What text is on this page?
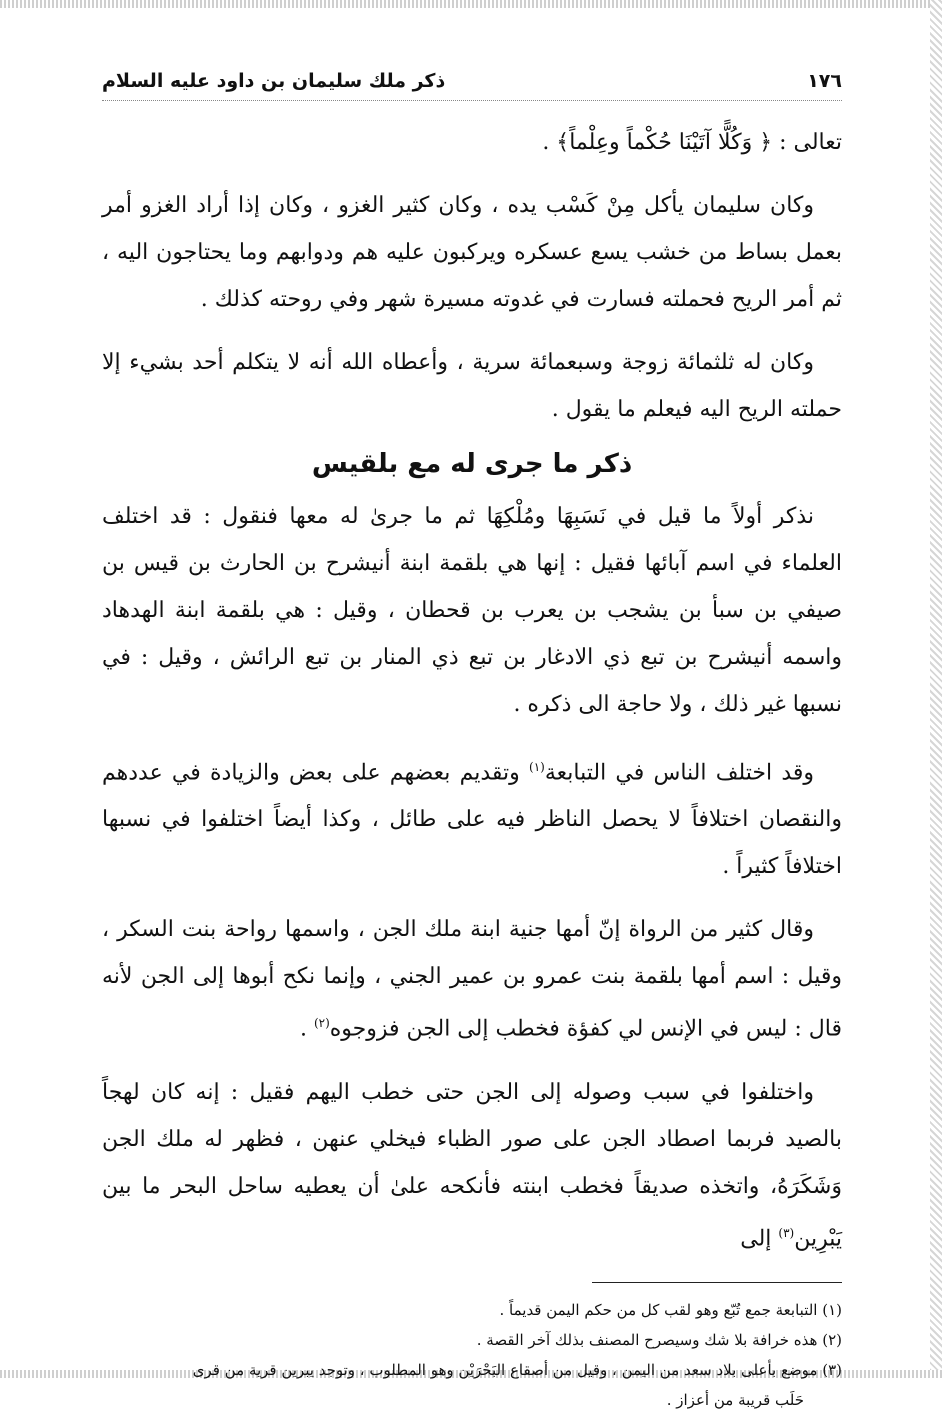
١٧٦
ذكر ملك سليمان بن داود عليه السلام

تعالى : ﴿ وَكُلًّا آتَيْنَا حُكْماً وعِلْماً﴾ .

وكان سليمان يأكل مِنْ كَسْب يده ، وكان كثير الغزو ، وكان إذا أراد الغزو أمر بعمل بساط من خشب يسع عسكره ويركبون عليه هم ودوابهم وما يحتاجون اليه ، ثم أمر الريح فحملته فسارت في غدوته مسيرة شهر وفي روحته كذلك .

وكان له ثلثمائة زوجة وسبعمائة سرية ، وأعطاه الله أنه لا يتكلم أحد بشيء إلا حملته الريح اليه فيعلم ما يقول .

ذكر ما جرى له مع بلقيس

نذكر أولاً ما قيل في نَسَبِهَا ومُلْكِهَا ثم ما جرىٰ له معها فنقول : قد اختلف العلماء في اسم آبائها فقيل : إنها هي بلقمة ابنة أنيشرح بن الحارث بن قيس بن صيفي بن سبأ بن يشجب بن يعرب بن قحطان ، وقيل : هي بلقمة ابنة الهدهاد واسمه أنيشرح بن تبع ذي الادغار بن تبع ذي المنار بن تبع الرائش ، وقيل : في نسبها غير ذلك ، ولا حاجة الى ذكره .

وقد اختلف الناس في التبابعة$^{(١)}$ وتقديم بعضهم على بعض والزيادة في عددهم والنقصان اختلافاً لا يحصل الناظر فيه على طائل ، وكذا أيضاً اختلفوا في نسبها اختلافاً كثيراً .

وقال كثير من الرواة إنّ أمها جنية ابنة ملك الجن ، واسمها رواحة بنت السكر ، وقيل : اسم أمها بلقمة بنت عمرو بن عمير الجني ، وإنما نكح أبوها إلى الجن لأنه قال : ليس في الإنس لي كفؤة فخطب إلى الجن فزوجوه$^{(٢)}$ .

واختلفوا في سبب وصوله إلى الجن حتى خطب اليهم فقيل : إنه كان لهجاً بالصيد فربما اصطاد الجن على صور الظباء فيخلي عنهن ، فظهر له ملك الجن وَشَكَرَهُ، واتخذه صديقاً فخطب ابنته فأنكحه علىٰ أن يعطيه ساحل البحر ما بين يَبْرِين$^{(٣)}$ إلى

(١) التبابعة جمع تُبّع وهو لقب كل من حكم اليمن قديماً .

(٢) هذه خرافة بلا شك وسيصرح المصنف بذلك آخر القصة .

(٣) موضع بأعلى بلاد سعد من اليمن ، وقيل من أصقاع البَحْرَيْن وهو المطلوب ، وتوجد يبرين قرية من قرى

حَلَب قريبة من أعزاز .
